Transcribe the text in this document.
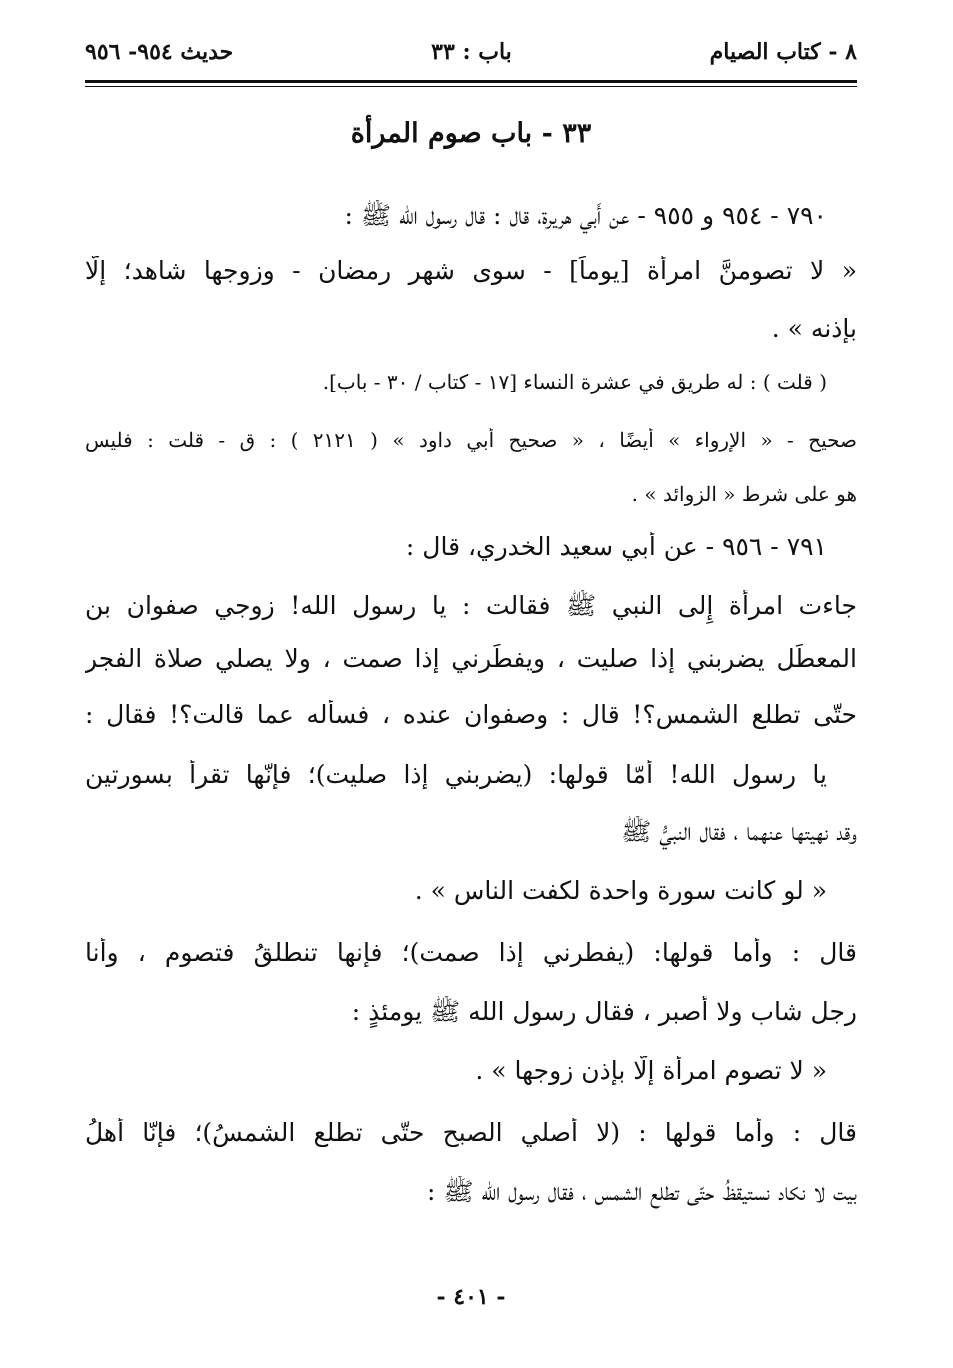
٨ - كتاب الصيام
باب : ٣٣
حديث ٩٥٤- ٩٥٦
٣٣ - باب صوم المرأة
٧٩٠ - ٩٥٤ و ٩٥٥ - عن أَبي هريرة، قال : قال رسول الله ﷺ :
« لا تصومنَّ امرأة [يوماً] - سوى شهر رمضان - وزوجها شاهد؛ إلّا
بإذنه » .
( قلت ) : له طريق في عشرة النساء [١٧ - كتاب / ٣٠ - باب].
صحيح - « الإرواء » أيضًا ، « صحيح أبي داود » ( ٢١٢١ ) : ق - قلت : فليس
هو على شرط « الزوائد » .
٧٩١ - ٩٥٦ - عن أَبي سعيد الخدري، قال :
جاءت امرأة إِلى النبي ﷺ فقالت : يا رسول الله! زوجي صفوان بن
المعطِّل يضربني إذا صليت ، ويفطِّرني إذا صمت ، ولا يصلي صلاة الفجر
حتّى تطلع الشمس؟! قال : وصفوان عنده ، فسأله عما قالت؟! فقال :
يا رسول الله! أمّا قولها: (يضربني إذا صليت)؛ فإنّها تقرأ بسورتين
وقد نهيتها عنهما ، فقال النبيُّ ﷺ
« لو كانت سورة واحدة لكفت الناس » .
قال : وأما قولها: (يفطرني إذا صمت)؛ فإنها تنطلقُ فتصوم ، وأَنا
رجل شاب ولا أَصبر ، فقال رسول الله ﷺ يومئذٍ :
« لا تصوم امرأة إلّا بإذن زوجها » .
قال : وأما قولها : (لا أُصلي الصبح حتّى تطلع الشمسُ)؛ فإنّا أهلُ
بيت لا نكاد نستيقظُ حتّى تطلع الشمس ، فقال رسول الله ﷺ :
- ٤٠١ -
